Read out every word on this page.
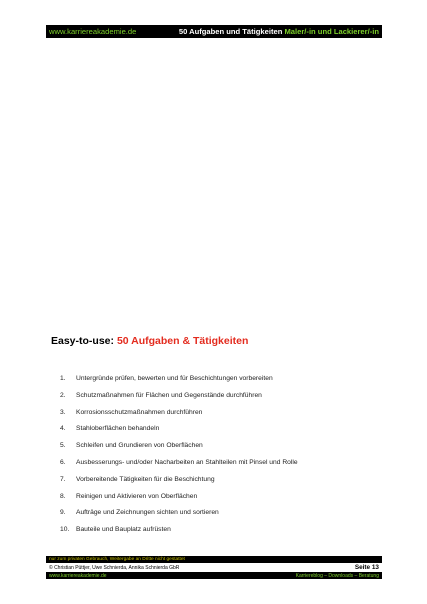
www.karriereakademie.de	50 Aufgaben und Tätigkeiten Maler/-in und Lackierer/-in
Easy-to-use: 50 Aufgaben & Tätigkeiten
1.	Untergründe prüfen, bewerten und für Beschichtungen vorbereiten
2.	Schutzmaßnahmen für Flächen und Gegenstände durchführen
3.	Korrosionsschutzmaßnahmen durchführen
4.	Stahloberflächen behandeln
5.	Schleifen und Grundieren von Oberflächen
6.	Ausbesserungs- und/oder Nacharbeiten an Stahlteilen mit Pinsel und Rolle
7.	Vorbereitende Tätigkeiten für die Beschichtung
8.	Reinigen und Aktivieren von Oberflächen
9.	Aufträge und Zeichnungen sichten und sortieren
10.	Bauteile und Bauplatz aufrüsten
nur zum privaten Gebrauch, Weitergabe an Dritte nicht gestattet
© Christian Püttjer, Uwe Schnierda, Annika Schnierda GbR	Seite 13
www.karriereakademie.de	Karriereblog – Downloads – Beratung
